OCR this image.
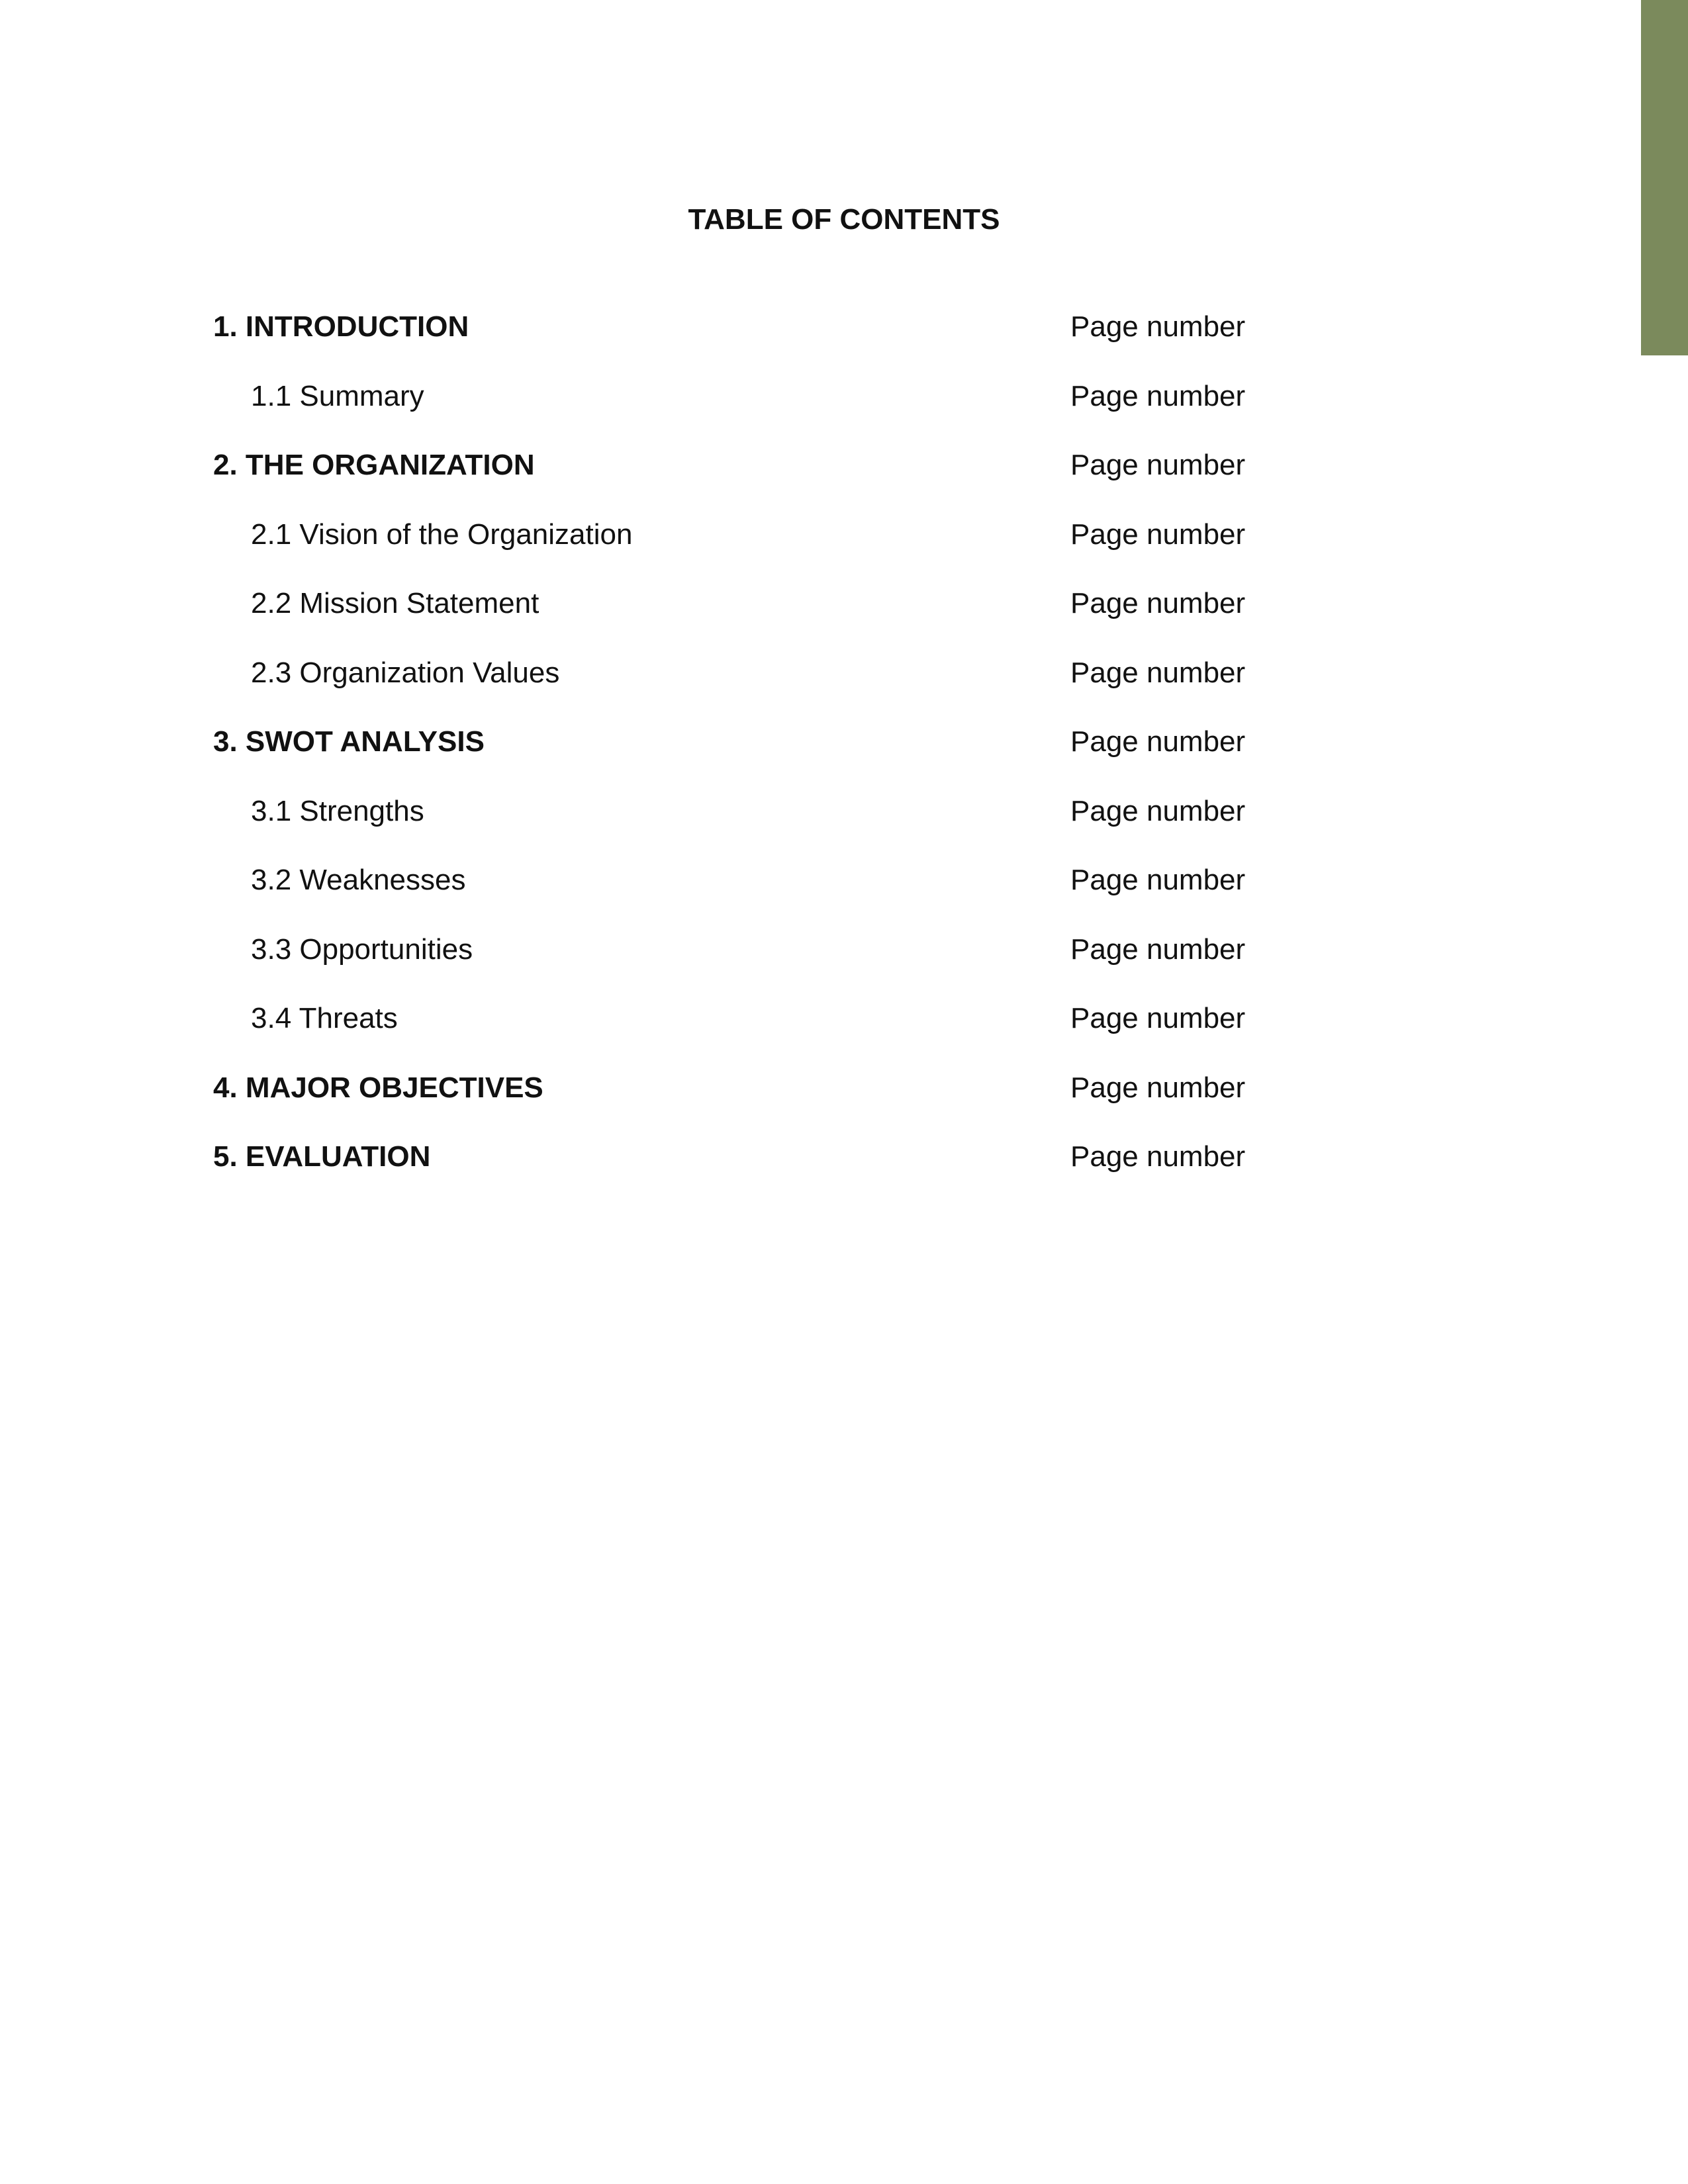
TABLE OF CONTENTS
1. INTRODUCTION	Page number
1.1 Summary	Page number
2. THE ORGANIZATION	Page number
2.1 Vision of the Organization	Page number
2.2 Mission Statement	Page number
2.3 Organization Values	Page number
3. SWOT ANALYSIS	Page number
3.1 Strengths	Page number
3.2 Weaknesses	Page number
3.3 Opportunities	Page number
3.4 Threats	Page number
4. MAJOR OBJECTIVES	Page number
5. EVALUATION	Page number
